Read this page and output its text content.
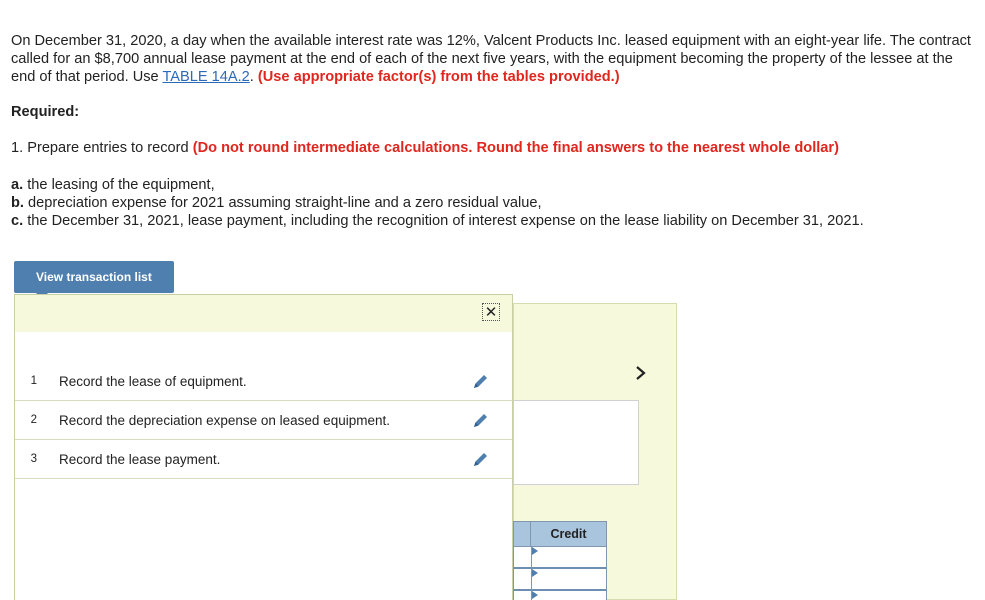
On December 31, 2020, a day when the available interest rate was 12%, Valcent Products Inc. leased equipment with an eight-year life. The contract called for an $8,700 annual lease payment at the end of each of the next five years, with the equipment becoming the property of the lessee at the end of that period. Use TABLE 14A.2. (Use appropriate factor(s) from the tables provided.)

Required:

1. Prepare entries to record (Do not round intermediate calculations. Round the final answers to the nearest whole dollar)

a. the leasing of the equipment,
b. depreciation expense for 2021 assuming straight-line and a zero residual value,
c. the December 31, 2021, lease payment, including the recognition of interest expense on the lease liability on December 31, 2021.
View transaction list
Credit
✕
1 Record the lease of equipment.
2 Record the depreciation expense on leased equipment.
3 Record the lease payment.
